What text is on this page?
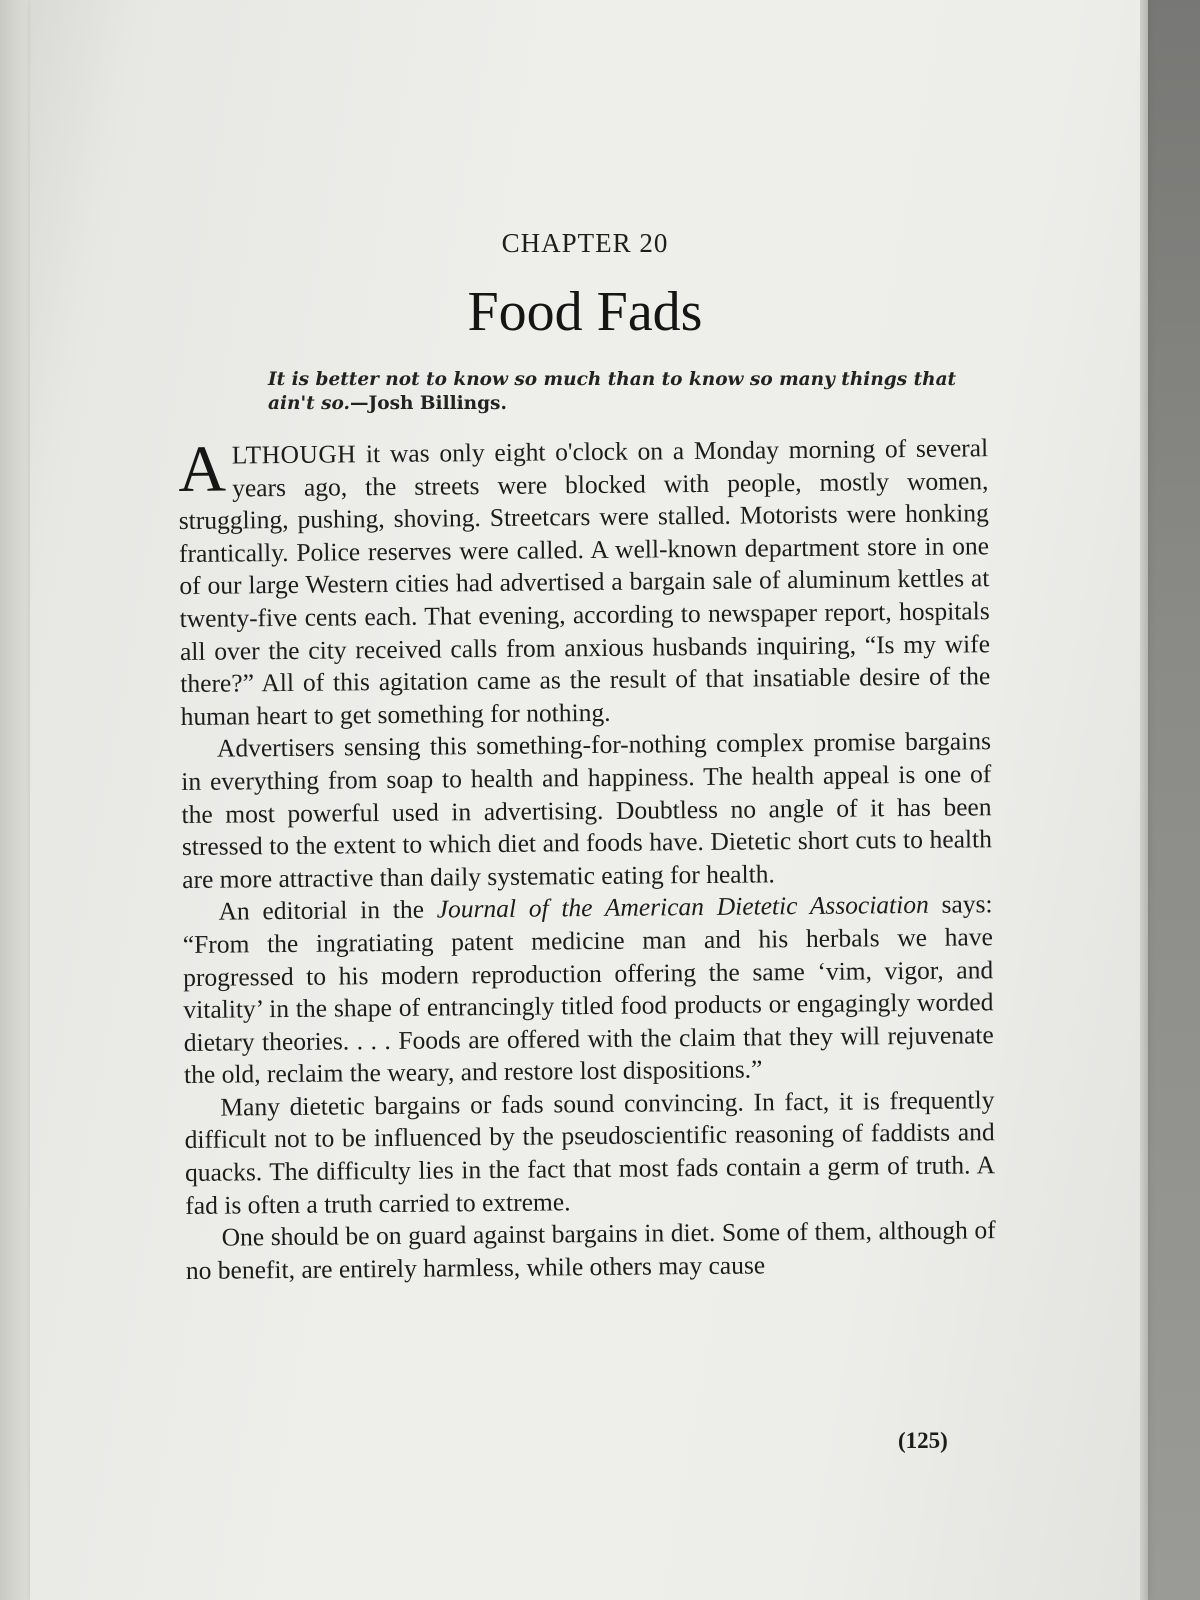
CHAPTER 20
Food Fads
It is better not to know so much than to know so many things that ain't so.—Josh Billings.

ALTHOUGH it was only eight o'clock on a Monday morning of several years ago, the streets were blocked with people, mostly women, struggling, pushing, shoving. Streetcars were stalled. Motorists were honking frantically. Police reserves were called. A well-known department store in one of our large Western cities had advertised a bargain sale of aluminum kettles at twenty-five cents each. That evening, according to newspaper report, hospitals all over the city received calls from anxious husbands inquiring, “Is my wife there?” All of this agitation came as the result of that insatiable desire of the human heart to get something for nothing.

Advertisers sensing this something-for-nothing complex promise bargains in everything from soap to health and happiness. The health appeal is one of the most powerful used in advertising. Doubtless no angle of it has been stressed to the extent to which diet and foods have. Dietetic short cuts to health are more attractive than daily systematic eating for health.

An editorial in the Journal of the American Dietetic Association says: “From the ingratiating patent medicine man and his herbals we have progressed to his modern reproduction offering the same ‘vim, vigor, and vitality’ in the shape of entrancingly titled food products or engagingly worded dietary theories. . . . Foods are offered with the claim that they will rejuvenate the old, reclaim the weary, and restore lost dispositions.”

Many dietetic bargains or fads sound convincing. In fact, it is frequently difficult not to be influenced by the pseudoscientific reasoning of faddists and quacks. The difficulty lies in the fact that most fads contain a germ of truth. A fad is often a truth carried to extreme.

One should be on guard against bargains in diet. Some of them, although of no benefit, are entirely harmless, while others may cause

(125)
